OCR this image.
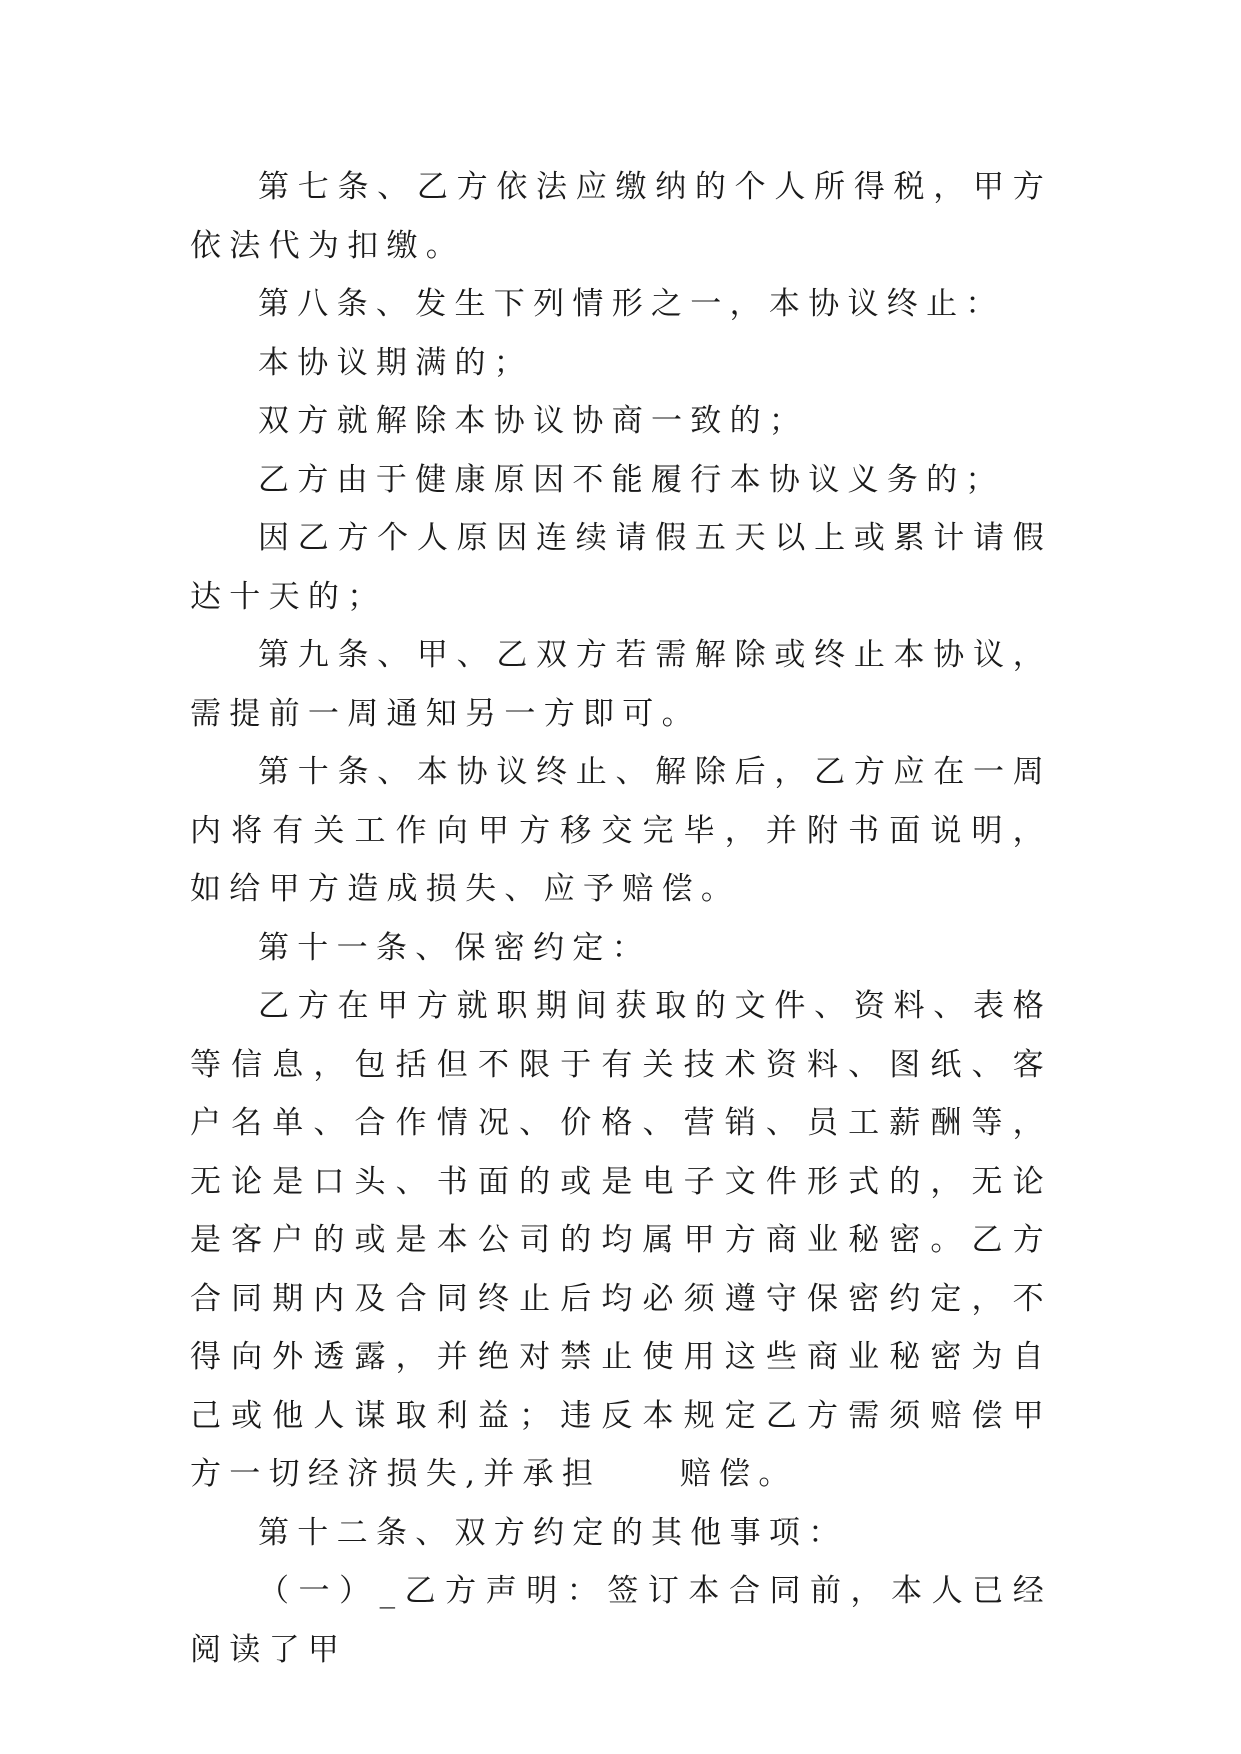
第七条、乙方依法应缴纳的个人所得税，甲方依法代为扣缴。

第八条、发生下列情形之一，本协议终止：

本协议期满的；

双方就解除本协议协商一致的；

乙方由于健康原因不能履行本协议义务的；

因乙方个人原因连续请假五天以上或累计请假达十天的；

第九条、甲、乙双方若需解除或终止本协议，需提前一周通知另一方即可。

第十条、本协议终止、解除后，乙方应在一周内将有关工作向甲方移交完毕，并附书面说明，如给甲方造成损失、应予赔偿。

第十一条、保密约定：

乙方在甲方就职期间获取的文件、资料、表格等信息，包括但不限于有关技术资料、图纸、客户名单、合作情况、价格、营销、员工薪酬等，无论是口头、书面的或是电子文件形式的，无论是客户的或是本公司的均属甲方商业秘密。乙方合同期内及合同终止后均必须遵守保密约定，不得向外透露，并绝对禁止使用这些商业秘密为自己或他人谋取利益；违反本规定乙方需须赔偿甲方一切经济损失,并承担　　赔偿。

第十二条、双方约定的其他事项：

（一）_乙方声明：签订本合同前，本人已经阅读了甲
